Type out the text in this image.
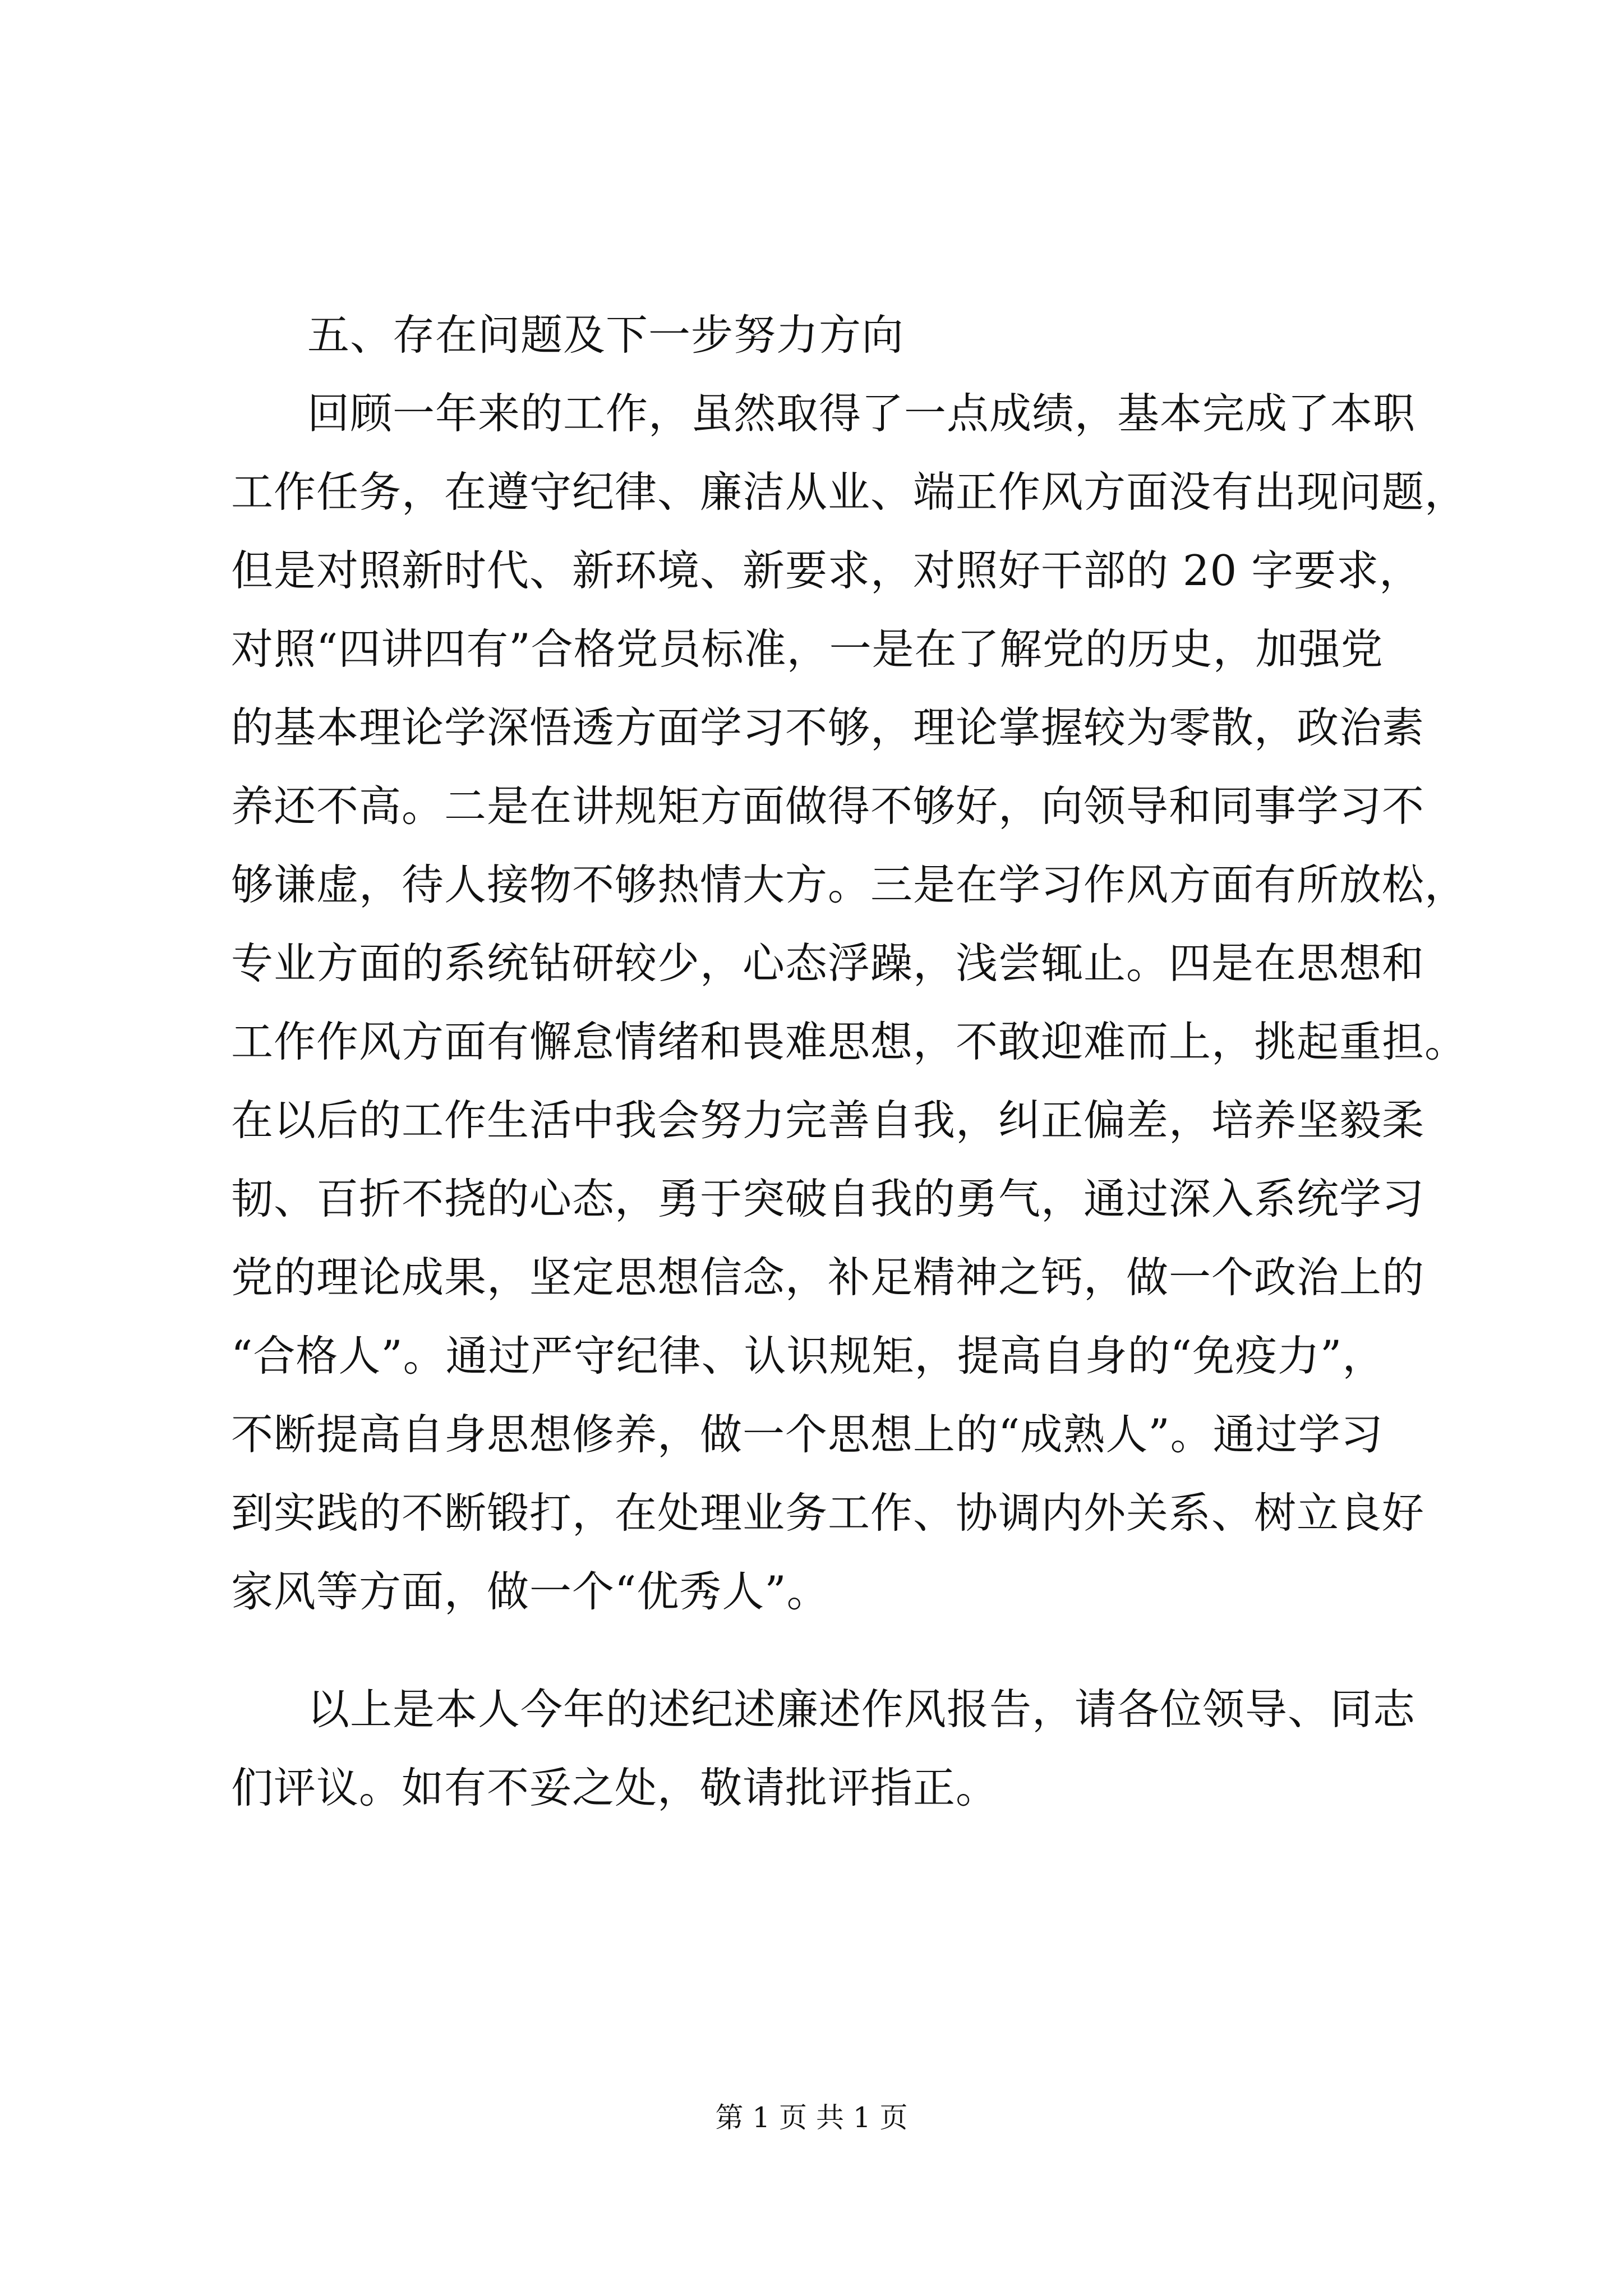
五、存在问题及下一步努力方向
回顾一年来的工作，虽然取得了一点成绩，基本完成了本职
工作任务，在遵守纪律、廉洁从业、端正作风方面没有出现问题，
但是对照新时代、新环境、新要求，对照好干部的 20 字要求，
对照“四讲四有”合格党员标准，一是在了解党的历史，加强党
的基本理论学深悟透方面学习不够，理论掌握较为零散，政治素
养还不高。二是在讲规矩方面做得不够好，向领导和同事学习不
够谦虚，待人接物不够热情大方。三是在学习作风方面有所放松，
专业方面的系统钻研较少，心态浮躁，浅尝辄止。四是在思想和
工作作风方面有懈怠情绪和畏难思想，不敢迎难而上，挑起重担。
在以后的工作生活中我会努力完善自我，纠正偏差，培养坚毅柔
韧、百折不挠的心态，勇于突破自我的勇气，通过深入系统学习
党的理论成果，坚定思想信念，补足精神之钙，做一个政治上的
“合格人”。通过严守纪律、认识规矩，提高自身的“免疫力”，
不断提高自身思想修养，做一个思想上的“成熟人”。通过学习
到实践的不断锻打，在处理业务工作、协调内外关系、树立良好
家风等方面，做一个“优秀人”。
以上是本人今年的述纪述廉述作风报告，请各位领导、同志
们评议。如有不妥之处，敬请批评指正。
第 1 页 共 1 页
